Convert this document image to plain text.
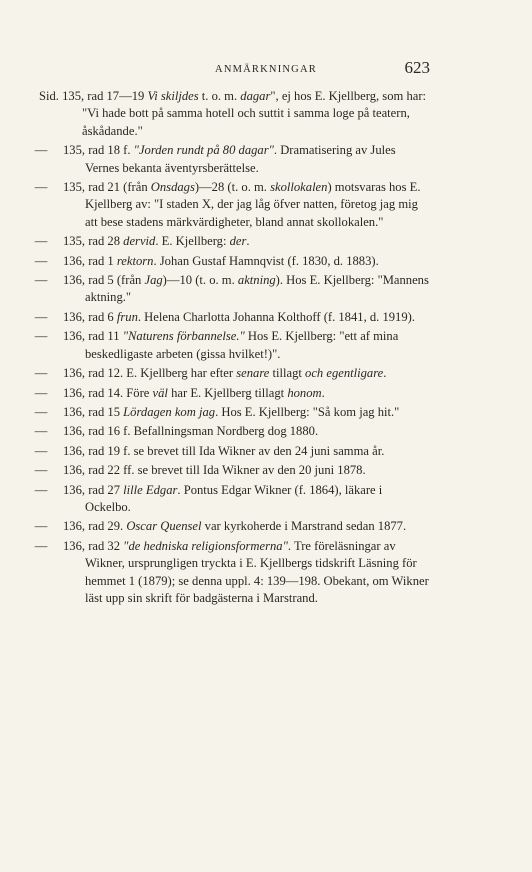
ANMÄRKNINGAR	623

Sid. 135, rad 17—19 Vi skiljdes t. o. m. dagar", ej hos E. Kjellberg, som har: "Vi hade bott på samma hotell och suttit i samma loge på teatern, åskådande."

— 135, rad 18 f. "Jorden rundt på 80 dagar". Dramatisering av Jules Vernes bekanta äventyrsberättelse.

— 135, rad 21 (från Onsdags)—28 (t. o. m. skollokalen) motsvaras hos E. Kjellberg av: "I staden X, der jag låg öfver natten, företog jag mig att bese stadens märkvärdigheter, bland annat skollokalen."

— 135, rad 28 dervid. E. Kjellberg: der.

— 136, rad 1 rektorn. Johan Gustaf Hamnqvist (f. 1830, d. 1883).

— 136, rad 5 (från Jag)—10 (t. o. m. aktning). Hos E. Kjellberg: "Mannens aktning."

— 136, rad 6 frun. Helena Charlotta Johanna Kolthoff (f. 1841, d. 1919).

— 136, rad 11 "Naturens förbannelse." Hos E. Kjellberg: "ett af mina beskedligaste arbeten (gissa hvilket!)".

— 136, rad 12. E. Kjellberg har efter senare tillagt och egentligare.

— 136, rad 14. Före väl har E. Kjellberg tillagt honom.

— 136, rad 15 Lördagen kom jag. Hos E. Kjellberg: "Så kom jag hit."

— 136, rad 16 f. Befallningsman Nordberg dog 1880.

— 136, rad 19 f. se brevet till Ida Wikner av den 24 juni samma år.

— 136, rad 22 ff. se brevet till Ida Wikner av den 20 juni 1878.

— 136, rad 27 lille Edgar. Pontus Edgar Wikner (f. 1864), läkare i Ockelbo.

— 136, rad 29. Oscar Quensel var kyrkoherde i Marstrand sedan 1877.

— 136, rad 32 "de hedniska religionsformerna". Tre föreläsningar av Wikner, ursprungligen tryckta i E. Kjellbergs tidskrift Läsning för hemmet 1 (1879); se denna uppl. 4: 139—198. Obekant, om Wikner läst upp sin skrift för badgästerna i Marstrand.
